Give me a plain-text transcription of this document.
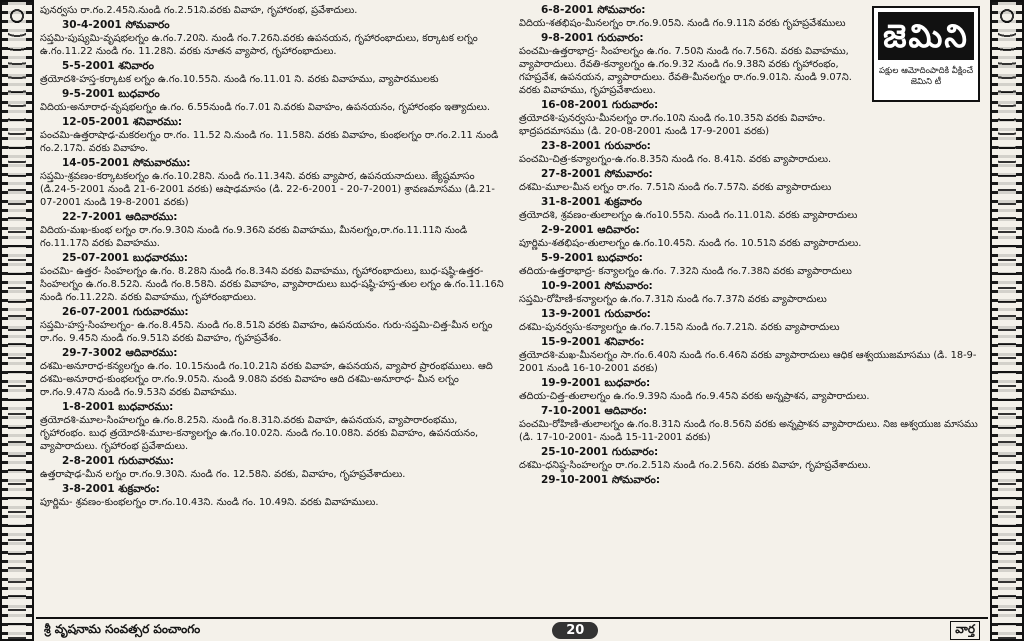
పునర్వసు రా.గం.2.45ని.నుండి గం.2.51ని.వరకు వివాహ, గృహారంభ, ప్రవేశాదులు.
30-4-2001 సోమవారం
సప్తమి-పుష్యమి-వృషభలగ్నం ఉ.గం.7.20ని. నుండి గం.7.26ని.వరకు ఉపనయన, గృహారంభాదులు, కర్కాటక లగ్నం ఉ.గం.11.22 నుండి గం. 11.28ని. వరకు నూతన వ్యాపార, గృహారంభాదులు.
5-5-2001 శనివారం
త్రయోదశి-హస్త-కర్కాటక లగ్నం ఉ.గం.10.55ని. నుండి గం.11.01 ని. వరకు వివాహము, వ్యాపారములకు
9-5-2001 బుధవారం
విదియ-అనూరాధ-వృషభలగ్నం ఉ.గం. 6.55నుండి గం.7.01 ని.వరకు వివాహం, ఉపనయనం, గృహారంభం ఇత్యాదులు.
12-05-2001 శనివారము:
పంచమి-ఉత్తరాషాఢ-మకరలగ్నం రా.గం. 11.52 ని.నుండి గం. 11.58ని. వరకు వివాహం, కుంభలగ్నం రా.గం.2.11 నుండి గం.2.17ని. వరకు వివాహం.
14-05-2001 సోమవారము:
సప్తమి-శ్రవణం-కర్కాటకలగ్నం ఉ.గం.10.28ని. నుండి గం.11.34ని. వరకు వ్యాపార, ఉపనయనాదులు. జ్యేష్ఠమాసం (డి.24-5-2001 నుండి 21-6-2001 వరకు) ఆషాఢమాసం (డి. 22-6-2001 - 20-7-2001) శ్రావణమాసము (డి.21-07-2001 నుండి 19-8-2001 వరకు)
22-7-2001 ఆదివారము:
విదియ-మఖ-కుంభ లగ్నం రా.గం.9.30ని నుండి గం.9.36ని వరకు వివాహము, మీనలగ్నం,రా.గం.11.11ని నుండి గం.11.17ని వరకు వివాహము.
25-07-2001 బుధవారము:
పంచమి- ఉత్తర- సింహలగ్నం ఉ.గం. 8.28ని నుండి గం.8.34ని వరకు వివాహము, గృహారంభాదులు, బుధ-షష్ఠి-ఉత్తర-సింహలగ్నం ఉ.గం.8.52ని. నుండి గం.8.58ని. వరకు వివాహం, వ్యాపారాదులు బుధ-షష్ఠి-హస్త-తుల లగ్నం ఉ.గం.11.16ని నుండి గం.11.22ని. వరకు వివాహము, గృహారంభాదులు.
26-07-2001 గురువారము:
సప్తమి-హస్త-సింహలగ్నం- ఉ.గం.8.45ని. నుండి గం.8.51ని వరకు వివాహం, ఉపనయనం. గురు-సప్తమి-చిత్త-మీన లగ్నం రా.గం. 9.45ని నుండి గం.9.51ని వరకు వివాహం, గృహప్రవేశం.
29-7-3002 ఆదివారము:
దశమి-అనూరాధ-కన్యలగ్నం ఉ.గం. 10.15నుండి గం.10.21ని వరకు వివాహ, ఉపనయన, వ్యాపార ప్రారంభములు. ఆది దశమి-అనూరాధ-కుంభలగ్నం రా.గం.9.05ని. నుండి 9.08ని వరకు వివాహం ఆది దశమి-అనూరాధ- మీన లగ్నం రా.గం.9.47ని నుండి గం.9.53ని వరకు వివాహము.
1-8-2001 బుధవారము:
త్రయోదశి-మూల-సింహలగ్నం ఉ.గం.8.25ని. నుండి గం.8.31ని.వరకు వివాహ, ఉపనయన, వ్యాపారారంభము, గృహారంభం. బుధ త్రయోదశి-మూల-కన్యాలగ్నం ఉ.గం.10.02ని. నుండి గం.10.08ని. వరకు వివాహం, ఉపనయనం, వ్యాపారాదులు. గృహారంభ ప్రవేశాదులు.
2-8-2001 గురువారము:
ఉత్తరాషాఢ-మీన లగ్నం రా.గం.9.30ని. నుండి గం. 12.58ని. వరకు, వివాహం, గృహప్రవేశాదులు.
3-8-2001 శుక్రవారం:
పూర్ణిమ- శ్రవణం-కుంభలగ్నం రా.గం.10.43ని. నుండి గం. 10.49ని. వరకు వివాహములు.
6-8-2001 సోమవారం:
విదియ-శతభిషం-మీనలగ్నం రా.గం.9.05ని. నుండి గం.9.11ని వరకు గృహప్రవేశములు
9-8-2001 గురువారం:
పంచమి-ఉత్తరాభాద్ర- సింహలగ్నం ఉ.గం. 7.50ని నుండి గం.7.56ని. వరకు వివాహము, వ్యాపారాదులు. రేవతి-కన్యాలగ్నం ఉ.గం.9.32 నుండి గం.9.38ని వరకు గృహారంభం, గహప్రవేశ, ఉపనయన, వ్యాపారాదులు. రేవతి-మీనలగ్నం రా.గం.9.01ని. నుండి 9.07ని. వరకు వివాహము, గృహప్రవేశాదులు.
16-08-2001 గురువారం:
త్రయోదశి-పునర్వసు-మీనలగ్నం రా.గం.10ని నుండి గం.10.35ని వరకు వివాహం. భాద్రపదమాసము (డి. 20-08-2001 నుండి 17-9-2001 వరకు)
23-8-2001 గురువారం:
పంచమి-చిత్ర-కన్యాలగ్నం-ఉ.గం.8.35ని నుండి గం. 8.41ని. వరకు వ్యాపారాదులు.
27-8-2001 సోమవారం:
దశమి-మూల-మీన లగ్నం రా.గం. 7.51ని నుండి గం.7.57ని. వరకు వ్యాపారాదులు
31-8-2001 శుక్రవారం
త్రయోదశి, శ్రవణం-తులాలగ్నం ఉ.గం10.55ని. నుండి గం.11.01ని. వరకు వ్యాపారాదులు
2-9-2001 ఆదివారం:
పూర్ణిమ-శతభిషం-తులాలగ్నం ఉ.గం.10.45ని. నుండి గం. 10.51ని వరకు వ్యాపారాదులు.
5-9-2001 బుధవారం:
తదియ-ఉత్తరాభాద్ర- కన్యాలగ్నం ఉ.గం. 7.32ని నుండి గం.7.38ని వరకు వ్యాపారాదులు
10-9-2001 సోమవారం:
సప్తమి-రోహిణి-కన్యాలగ్నం ఉ.గం.7.31ని నుండి గం.7.37ని వరకు వ్యాపారాదులు
13-9-2001 గురువారం:
దశమి-పునర్వసు-కన్యాలగ్నం ఉ.గం.7.15ని నుండి గం.7.21ని. వరకు వ్యాపారాదులు
15-9-2001 శనివారం:
త్రయోదశి-మఖ-మీనలగ్నం సా.గం.6.40ని నుండి గం.6.46ని వరకు వ్యాపారాదులు ఆధిక ఆశ్వయుజమాసము (డి. 18-9-2001 నుండి 16-10-2001 వరకు)
19-9-2001 బుధవారం:
తదియ-చిత్త-తులాలగ్నం ఉ.గం.9.39ని నుండి గం.9.45ని వరకు అన్నప్రాశన, వ్యాపారాదులు.
7-10-2001 ఆదివారం:
పంచమి-రోహిణి-తులాలగ్నం ఉ.గం.8.31ని నుండి గం.8.56ని వరకు అన్నప్రాశన వ్యాపారాదులు. నిజ ఆశ్వయుజ మాసము (డి. 17-10-2001- నుండి 15-11-2001 వరకు)
25-10-2001 గురువారం:
దశమి-ధనిష్ఠ-సింహలగ్నం రా.గం.2.51ని నుండి గం.2.56ని. వరకు వివాహ, గృహప్రవేశాదులు.
29-10-2001 సోమవారం:
జెమిని
పక్షుల ఆమోదింపాదికి వీక్షించే జెమిని టీ
శ్రీ వృషనామ సంవత్సర పంచాంగం	20	వార్త
